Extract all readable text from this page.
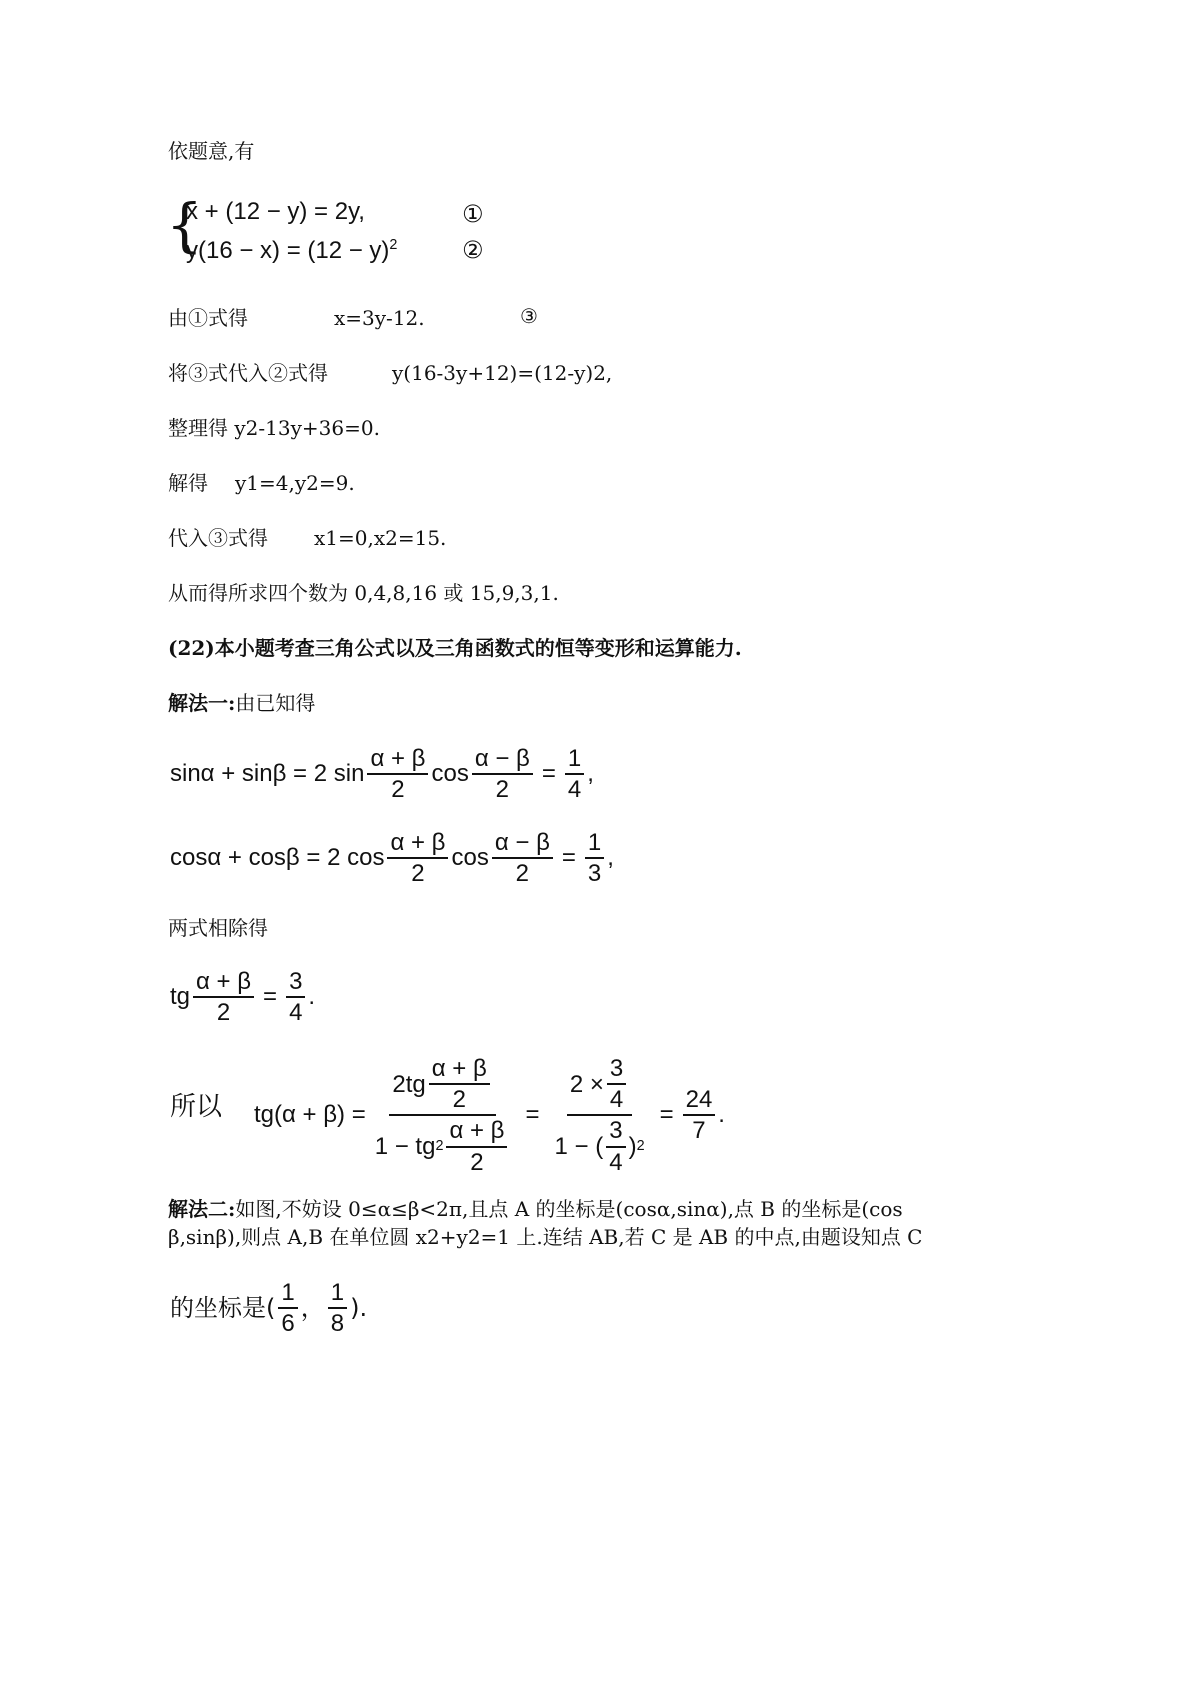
依题意,有
{
x + (12 − y) = 2y,	①
$y(16 - x) = (12 - y)^2$	②
由①式得	x=3y-12.	③
将③式代入②式得	y(16-3y+12)=(12-y)2,
整理得 y2-13y+36=0.
解得 y1=4,y2=9.
代入③式得 x1=0,x2=15.
从而得所求四个数为 0,4,8,16 或 15,9,3,1.
(22)本小题考查三角公式以及三角函数式的恒等变形和运算能力.
解法一:由已知得
sinα + sinβ = 2 $\sin \frac{\alpha + \beta}{2}$ $\cos \frac{\alpha - \beta}{2} = \frac{1}{4}$ ,
cosα + cosβ = 2 $\cos \frac{\alpha + \beta}{2}$ $\cos \frac{\alpha - \beta}{2} = \frac{1}{3}$ ,
两式相除得
tg $\frac{\alpha + \beta}{2} = \frac{3}{4}$ .
所以 $tg(\alpha + \beta) = \frac{2tg \frac{\alpha + \beta}{2}}{1 - tg 2 \frac{\alpha + \beta}{2}} = \frac{2 \times \frac{3}{4}}{1 - ( \frac{3}{4} ) 2} = \frac{24}{7}$ .
解法二:如图,不妨设 0≤α≤β<2π,且点 A 的坐标是(cosα,sinα),点 B 的坐标是(cos
β,sinβ),则点 A,B 在单位圆 x2+y2=1 上.连结 AB,若 C 是 AB 的中点,由题设知点 C
的坐标是( $\frac{1}{6}$ ， $\frac{1}{8}$ ).
